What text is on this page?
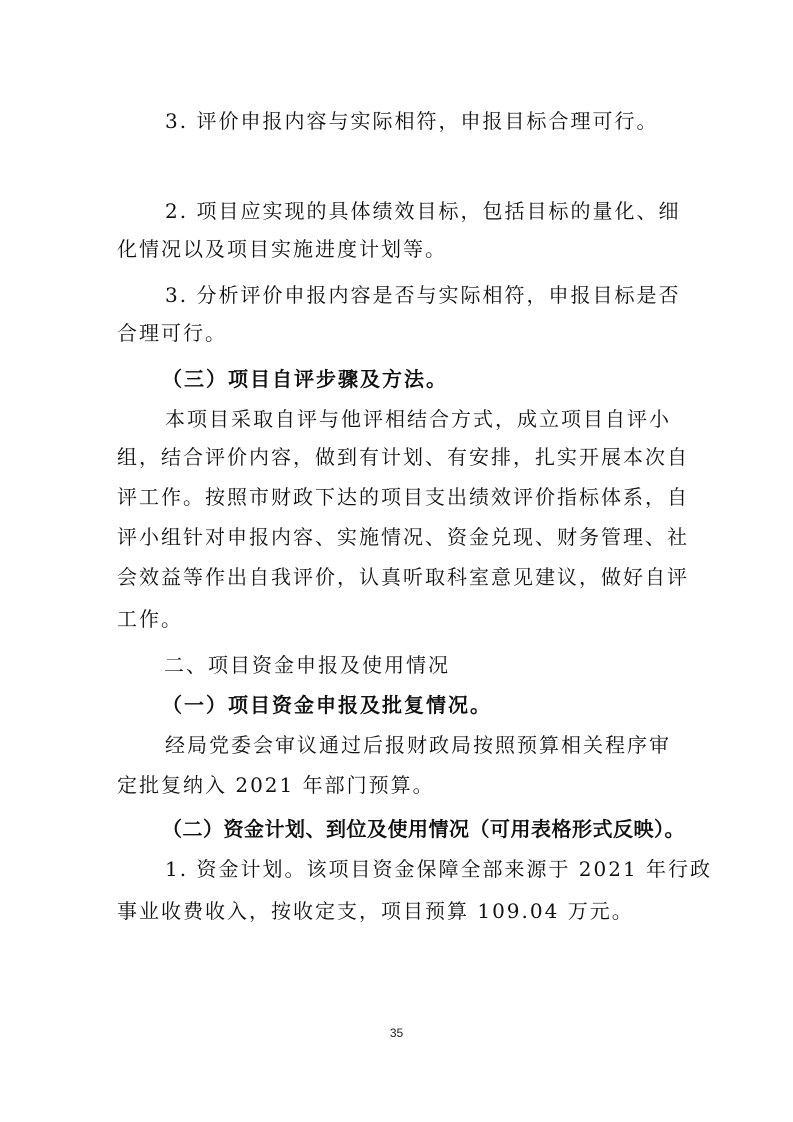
3. 评价申报内容与实际相符，申报目标合理可行。
2. 项目应实现的具体绩效目标，包括目标的量化、细
化情况以及项目实施进度计划等。
3. 分析评价申报内容是否与实际相符，申报目标是否
合理可行。
（三）项目自评步骤及方法。
本项目采取自评与他评相结合方式，成立项目自评小
组，结合评价内容，做到有计划、有安排，扎实开展本次自
评工作。按照市财政下达的项目支出绩效评价指标体系，自
评小组针对申报内容、实施情况、资金兑现、财务管理、社
会效益等作出自我评价，认真听取科室意见建议，做好自评
工作。
二、项目资金申报及使用情况
（一）项目资金申报及批复情况。
经局党委会审议通过后报财政局按照预算相关程序审
定批复纳入 2021 年部门预算。
（二）资金计划、到位及使用情况（可用表格形式反映）。
1. 资金计划。该项目资金保障全部来源于 2021 年行政
事业收费收入，按收定支，项目预算 109.04 万元。
35
